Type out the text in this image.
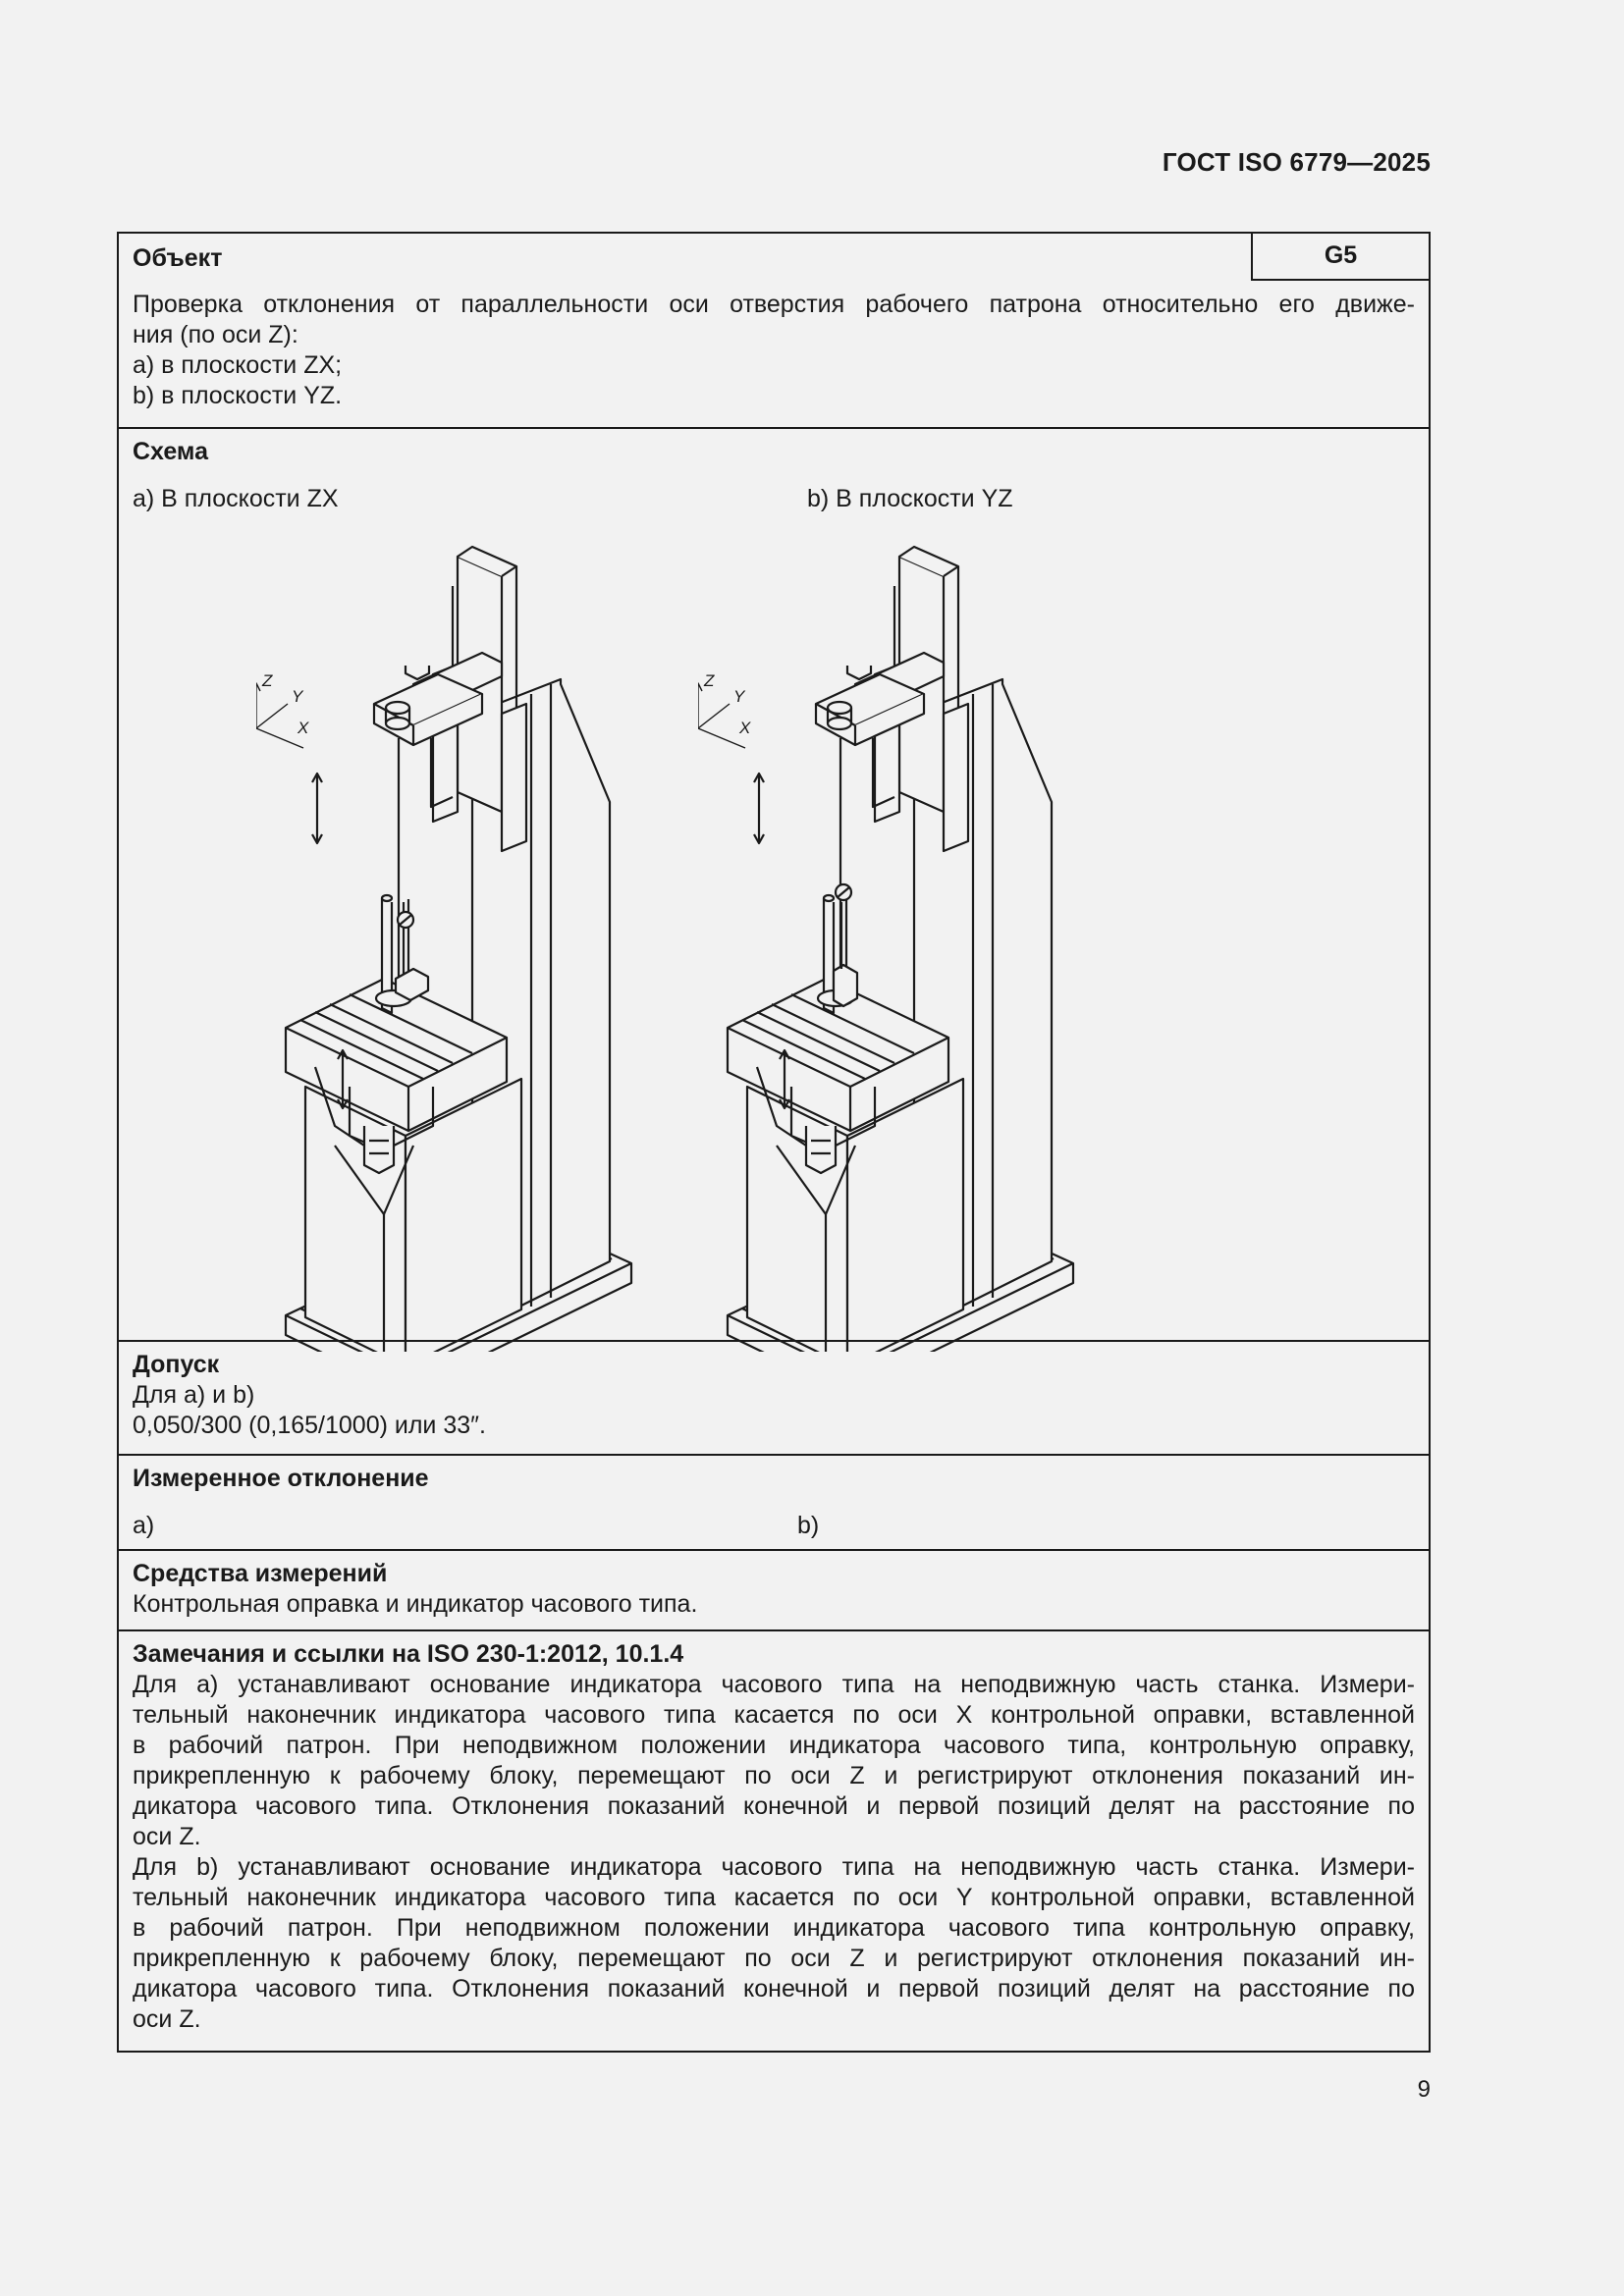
ГОСТ ISO 6779—2025
Объект	G5
Проверка отклонения от параллельности оси отверстия рабочего патрона относительно его движе-
ния (по оси Z):
a) в плоскости ZX;
b) в плоскости YZ.
Схема
a) В плоскости ZX	b) В плоскости YZ
Z
Y
X
Z
Y
X
Допуск
Для a) и b)
0,050/300 (0,165/1000) или 33″.
Измеренное отклонение
a)	b)
Средства измерений
Контрольная оправка и индикатор часового типа.
Замечания и ссылки на ISO 230-1:2012, 10.1.4
Для a) устанавливают основание индикатора часового типа на неподвижную часть станка. Измери-
тельный наконечник индикатора часового типа касается по оси X контрольной оправки, вставленной
в рабочий патрон. При неподвижном положении индикатора часового типа, контрольную оправку,
прикрепленную к рабочему блоку, перемещают по оси Z и регистрируют отклонения показаний ин-
дикатора часового типа. Отклонения показаний конечной и первой позиций делят на расстояние по
оси Z.
Для b) устанавливают основание индикатора часового типа на неподвижную часть станка. Измери-
тельный наконечник индикатора часового типа касается по оси Y контрольной оправки, вставленной
в рабочий патрон. При неподвижном положении индикатора часового типа контрольную оправку,
прикрепленную к рабочему блоку, перемещают по оси Z и регистрируют отклонения показаний ин-
дикатора часового типа. Отклонения показаний конечной и первой позиций делят на расстояние по
оси Z.
9
